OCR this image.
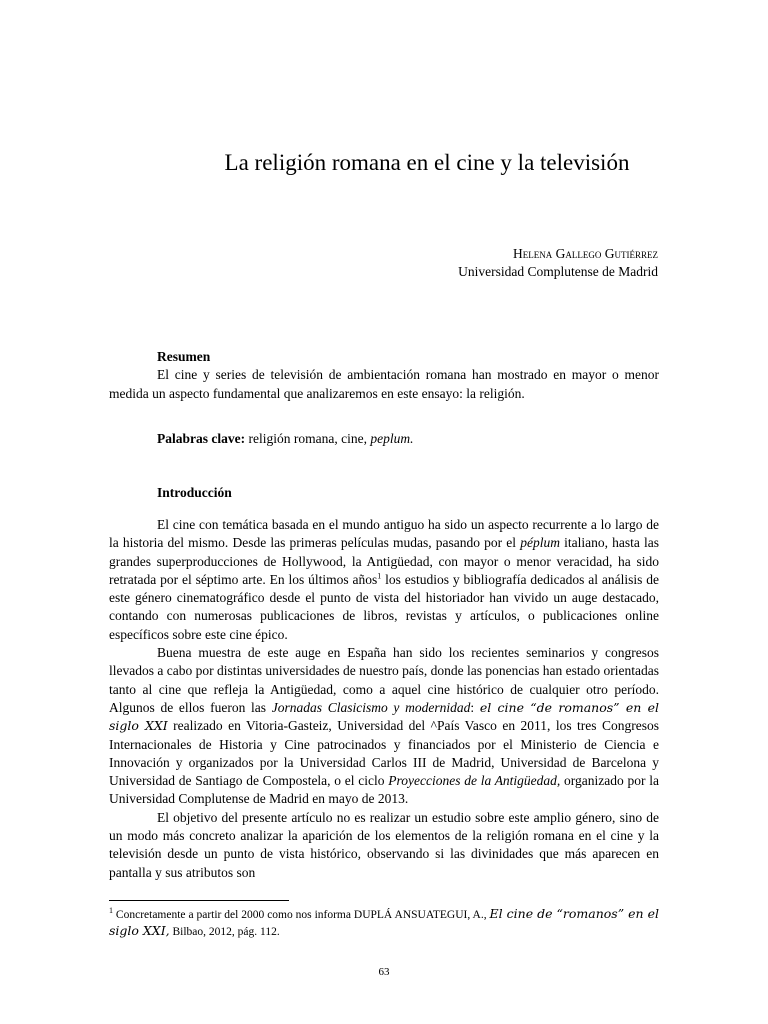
La religión romana en el cine y la televisión
Helena Gallego Gutiérrez
Universidad Complutense de Madrid
Resumen
El cine y series de televisión de ambientación romana han mostrado en mayor o menor medida un aspecto fundamental que analizaremos en este ensayo: la religión.
Palabras clave: religión romana, cine, peplum.
Introducción

El cine con temática basada en el mundo antiguo ha sido un aspecto recurrente a lo largo de la historia del mismo. Desde las primeras películas mudas, pasando por el péplum italiano, hasta las grandes superproducciones de Hollywood, la Antigüedad, con mayor o menor veracidad, ha sido retratada por el séptimo arte. En los últimos años$^1$ los estudios y bibliografía dedicados al análisis de este género cinematográfico desde el punto de vista del historiador han vivido un auge destacado, contando con numerosas publicaciones de libros, revistas y artículos, o publicaciones online específicos sobre este cine épico.

Buena muestra de este auge en España han sido los recientes seminarios y congresos llevados a cabo por distintas universidades de nuestro país, donde las ponencias han estado orientadas tanto al cine que refleja la Antigüedad, como a aquel cine histórico de cualquier otro período. Algunos de ellos fueron las Jornadas Clasicismo y modernidad: el cine “de romanos” en el siglo XXI realizado en Vitoria-Gasteiz, Universidad del ^País Vasco en 2011, los tres Congresos Internacionales de Historia y Cine patrocinados y financiados por el Ministerio de Ciencia e Innovación y organizados por la Universidad Carlos III de Madrid, Universidad de Barcelona y Universidad de Santiago de Compostela, o el ciclo Proyecciones de la Antigüedad, organizado por la Universidad Complutense de Madrid en mayo de 2013.

El objetivo del presente artículo no es realizar un estudio sobre este amplio género, sino de un modo más concreto analizar la aparición de los elementos de la religión romana en el cine y la televisión desde un punto de vista histórico, observando si las divinidades que más aparecen en pantalla y sus atributos son

$^1$ Concretamente a partir del 2000 como nos informa DUPLÁ ANSUATEGUI, A., El cine de “romanos” en el siglo XXI, Bilbao, 2012, pág. 112.
63
